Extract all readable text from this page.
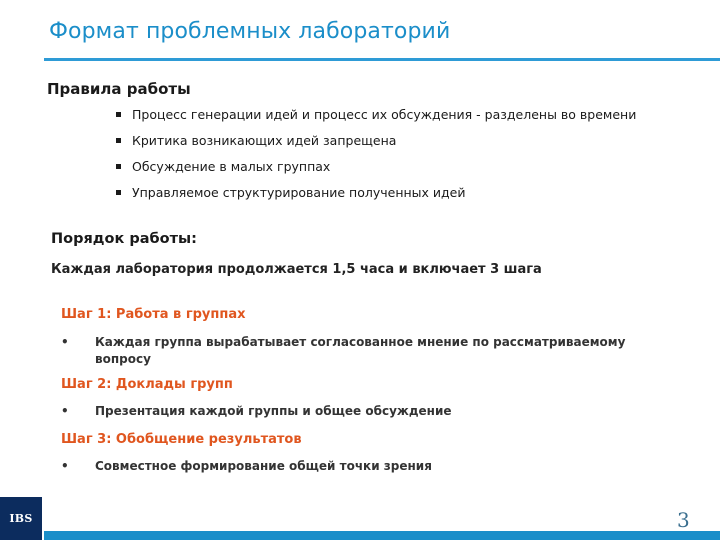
Формат проблемных лабораторий
Правила работы
Процесс генерации идей и процесс их обсуждения - разделены во времени
Критика возникающих идей запрещена
Обсуждение в малых группах
Управляемое структурирование полученных идей
Порядок работы:
Каждая лаборатория продолжается 1,5 часа и включает 3 шага
Шаг 1: Работа в группах
• Каждая группа вырабатывает согласованное мнение по рассматриваемому вопросу
Шаг 2: Доклады групп
• Презентация каждой группы и общее обсуждение
Шаг 3: Обобщение результатов
• Совместное формирование общей точки зрения
IBS	3
